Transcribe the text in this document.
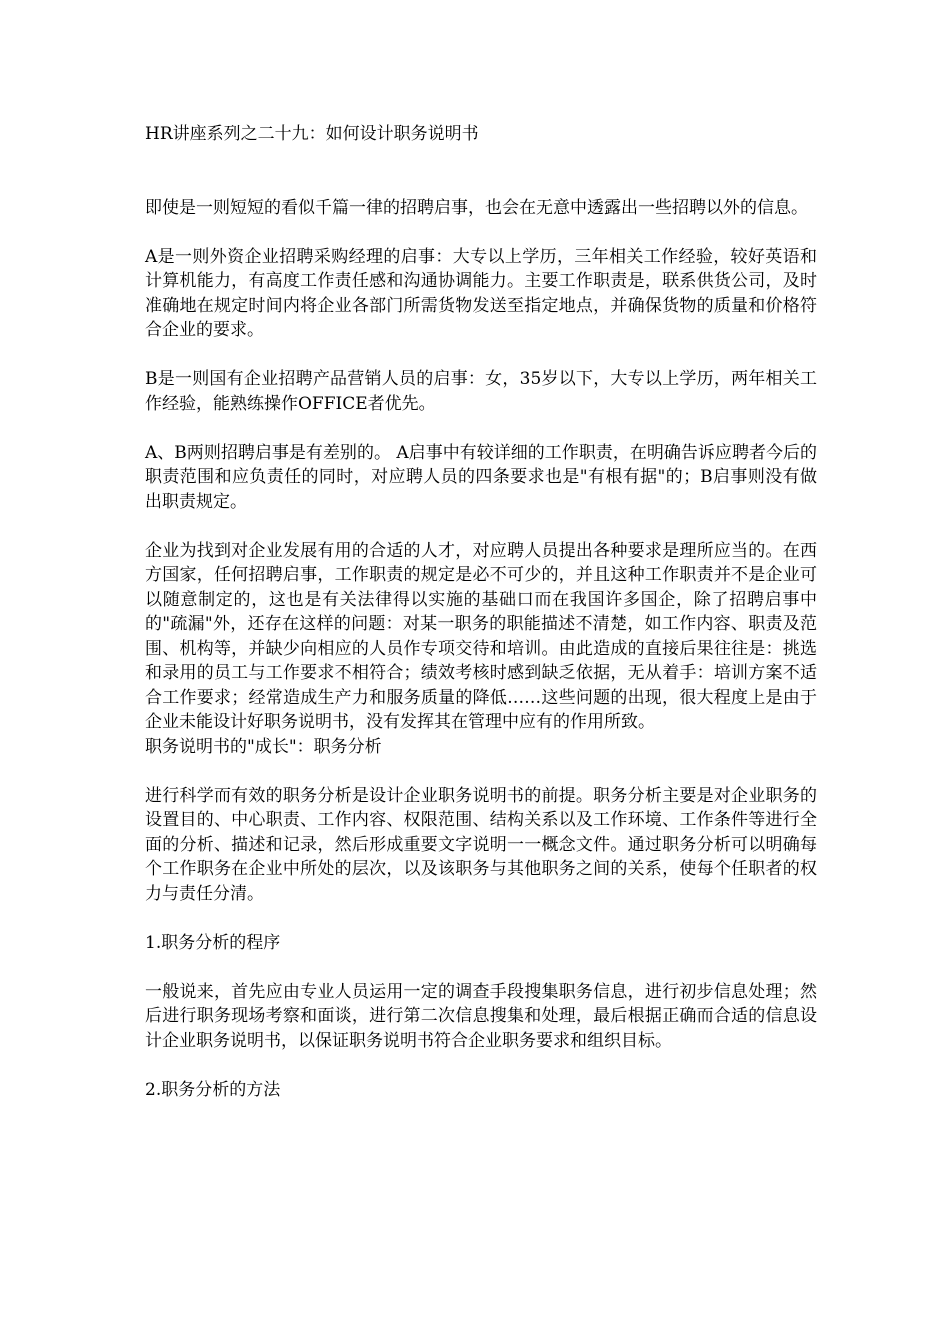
HR讲座系列之二十九：如何设计职务说明书
即使是一则短短的看似千篇一律的招聘启事，也会在无意中透露出一些招聘以外的信息。
A是一则外资企业招聘采购经理的启事：大专以上学历，三年相关工作经验，较好英语和计算机能力，有高度工作责任感和沟通协调能力。主要工作职责是，联系供货公司，及时准确地在规定时间内将企业各部门所需货物发送至指定地点，并确保货物的质量和价格符合企业的要求。
B是一则国有企业招聘产品营销人员的启事：女，35岁以下，大专以上学历，两年相关工作经验，能熟练操作OFFICE者优先。
A、B两则招聘启事是有差别的。 A启事中有较详细的工作职责，在明确告诉应聘者今后的职责范围和应负责任的同时，对应聘人员的四条要求也是"有根有据"的；B启事则没有做出职责规定。
企业为找到对企业发展有用的合适的人才，对应聘人员提出各种要求是理所应当的。在西方国家，任何招聘启事，工作职责的规定是必不可少的，并且这种工作职责并不是企业可以随意制定的，这也是有关法律得以实施的基础口而在我国许多国企，除了招聘启事中的"疏漏"外，还存在这样的问题：对某一职务的职能描述不清楚，如工作内容、职责及范围、机构等，并缺少向相应的人员作专项交待和培训。由此造成的直接后果往往是：挑选和录用的员工与工作要求不相符合；绩效考核时感到缺乏依据，无从着手：培训方案不适合工作要求；经常造成生产力和服务质量的降低……这些问题的出现，很大程度上是由于企业未能设计好职务说明书，没有发挥其在管理中应有的作用所致。
职务说明书的"成长"：职务分析
进行科学而有效的职务分析是设计企业职务说明书的前提。职务分析主要是对企业职务的设置目的、中心职责、工作内容、权限范围、结构关系以及工作环境、工作条件等进行全面的分析、描述和记录，然后形成重要文字说明一一概念文件。通过职务分析可以明确每个工作职务在企业中所处的层次，以及该职务与其他职务之间的关系，使每个任职者的权力与责任分清。
1.职务分析的程序
一般说来，首先应由专业人员运用一定的调查手段搜集职务信息，进行初步信息处理；然后进行职务现场考察和面谈，进行第二次信息搜集和处理，最后根据正确而合适的信息设计企业职务说明书，以保证职务说明书符合企业职务要求和组织目标。
2.职务分析的方法
